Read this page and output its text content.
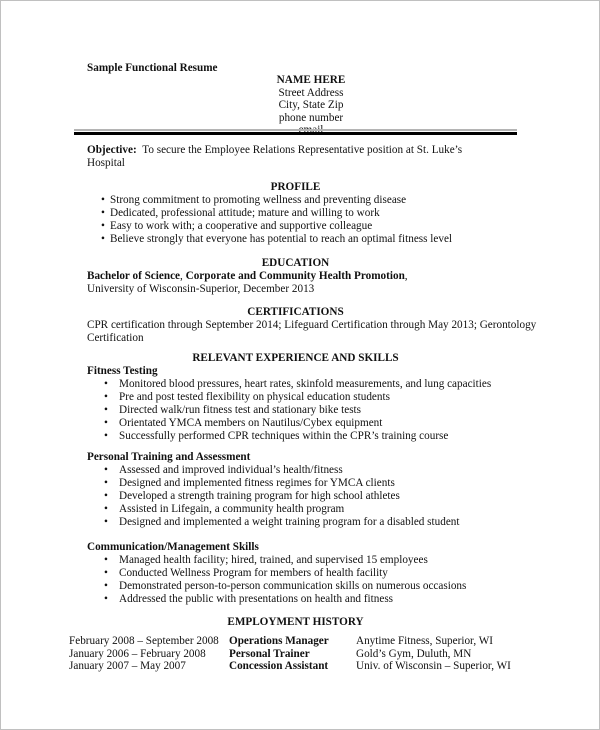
Sample Functional Resume
NAME HERE
Street Address
City, State Zip
phone number
Objective: To secure the Employee Relations Representative position at St. Luke’s
Hospital
PROFILE
• Strong commitment to promoting wellness and preventing disease
• Dedicated, professional attitude; mature and willing to work
• Easy to work with; a cooperative and supportive colleague
• Believe strongly that everyone has potential to reach an optimal fitness level
EDUCATION
Bachelor of Science, Corporate and Community Health Promotion,
University of Wisconsin-Superior, December 2013
CERTIFICATIONS
CPR certification through September 2014; Lifeguard Certification through May 2013; Gerontology
Certification
RELEVANT EXPERIENCE AND SKILLS
Fitness Testing
• Monitored blood pressures, heart rates, skinfold measurements, and lung capacities
• Pre and post tested flexibility on physical education students
• Directed walk/run fitness test and stationary bike tests
• Orientated YMCA members on Nautilus/Cybex equipment
• Successfully performed CPR techniques within the CPR’s training course
Personal Training and Assessment
• Assessed and improved individual’s health/fitness
• Designed and implemented fitness regimes for YMCA clients
• Developed a strength training program for high school athletes
• Assisted in Lifegain, a community health program
• Designed and implemented a weight training program for a disabled student
Communication/Management Skills
• Managed health facility; hired, trained, and supervised 15 employees
• Conducted Wellness Program for members of health facility
• Demonstrated person-to-person communication skills on numerous occasions
• Addressed the public with presentations on health and fitness
EMPLOYMENT HISTORY
February 2008 – September 2008	Operations Manager	Anytime Fitness, Superior, WI
January 2006 – February 2008	Personal Trainer	Gold’s Gym, Duluth, MN
January 2007 – May 2007	Concession Assistant	Univ. of Wisconsin – Superior, WI
